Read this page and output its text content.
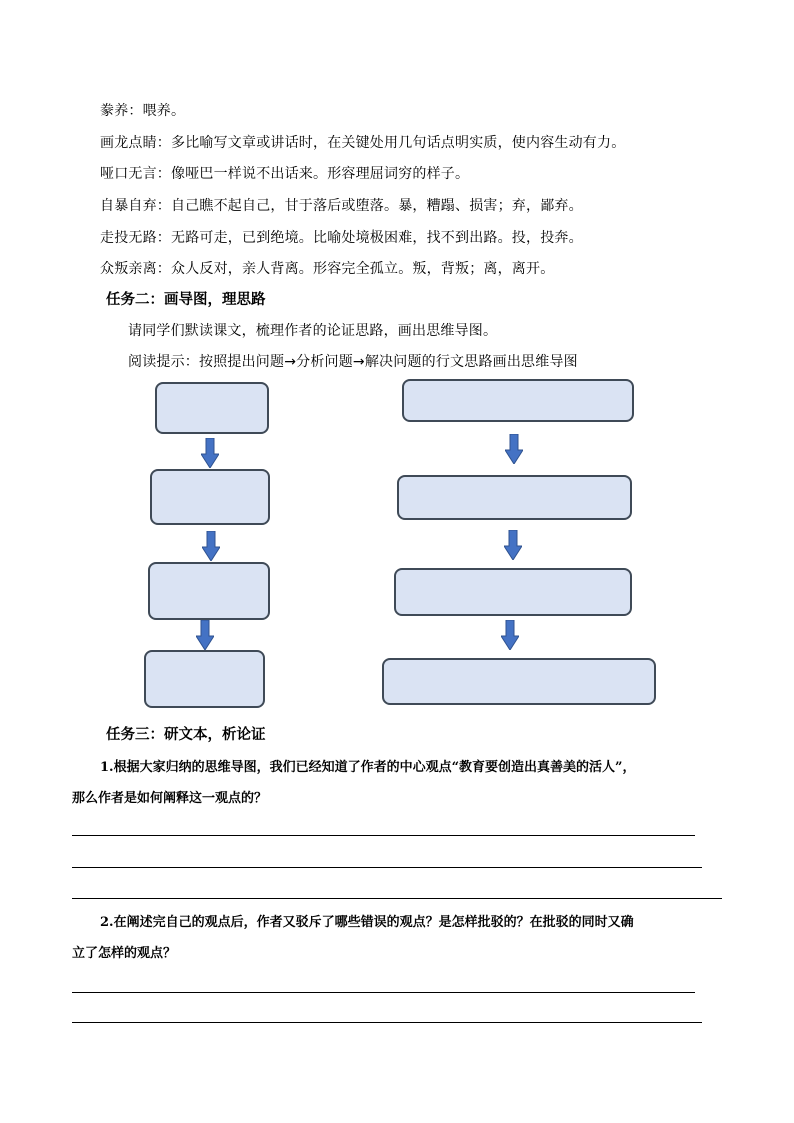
豢养：喂养。
画龙点睛：多比喻写文章或讲话时，在关键处用几句话点明实质，使内容生动有力。
哑口无言：像哑巴一样说不出话来。形容理屈词穷的样子。
自暴自弃：自己瞧不起自己，甘于落后或堕落。暴，糟蹋、损害；弃，鄙弃。
走投无路：无路可走，已到绝境。比喻处境极困难，找不到出路。投，投奔。
众叛亲离：众人反对，亲人背离。形容完全孤立。叛，背叛；离，离开。
任务二：画导图，理思路
请同学们默读课文，梳理作者的论证思路，画出思维导图。
阅读提示：按照提出问题→分析问题→解决问题的行文思路画出思维导图
任务三：研文本，析论证
1.根据大家归纳的思维导图，我们已经知道了作者的中心观点“教育要创造出真善美的活人”，
那么作者是如何阐释这一观点的？
2.在阐述完自己的观点后，作者又驳斥了哪些错误的观点？是怎样批驳的？在批驳的同时又确
立了怎样的观点？
